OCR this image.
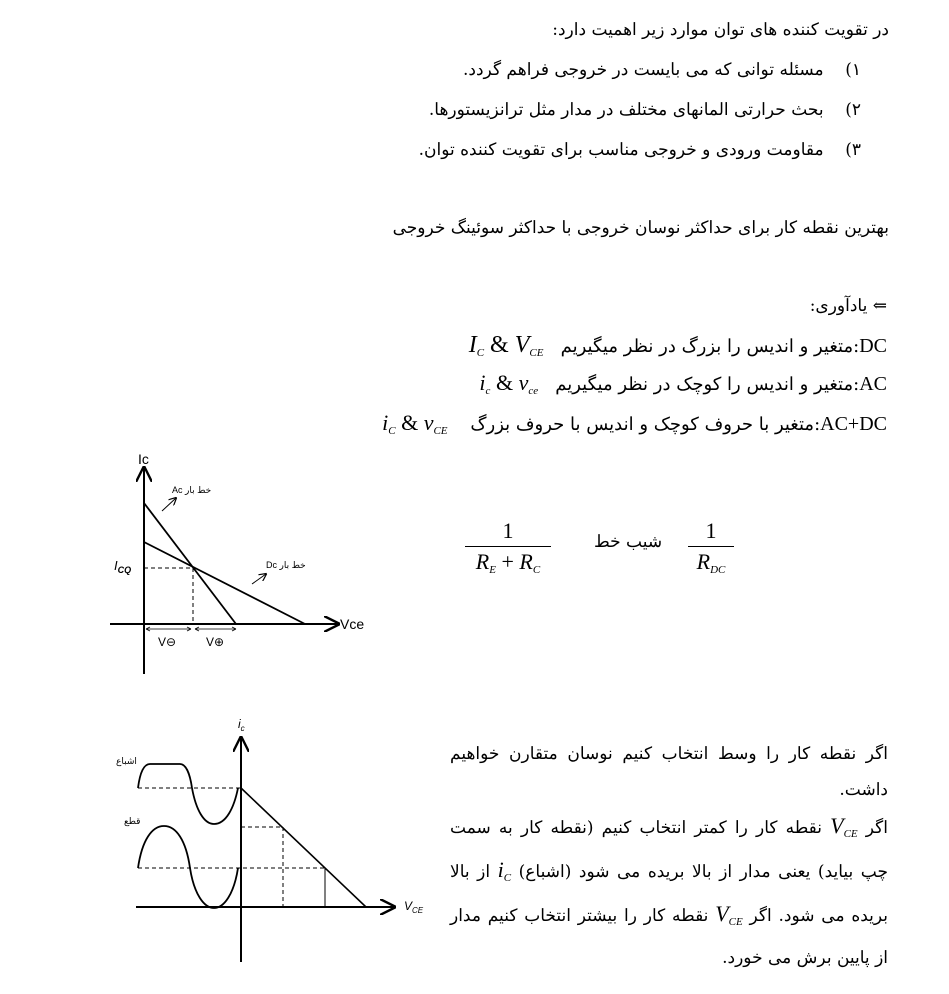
در تقویت کننده های توان موارد زیر اهمیت دارد:
۱)    مسئله توانی که می بایست در خروجی فراهم گردد.
۲)    بحث حرارتی المانهای مختلف در مدار مثل ترانزیستورها.
۳)    مقاومت ورودی و خروجی مناسب برای تقویت کننده توان.
بهترین نقطه کار برای حداکثر نوسان خروجی با حداکثر سوئینگ خروجی
⇐ یادآوری:
DC:متغیر و اندیس را بزرگ در نظر میگیریم   $I_C$ & $V_{CE}$
AC:متغیر و اندیس را کوچک در نظر میگیریم   $i_c$ & $v_{ce}$
AC+DC:متغیر با حروف کوچک و اندیس با حروف بزرگ    $i_C$ & $v_{CE}$
Ic
Vce
$I_{CQ}$
Ac خط بار
Dc خط بار
V⊖ V⊕
1
$R_E + R_C$
شیب خط	1
$R_{DC}$
$i_c$
$V_{CE}$
اشباع
قطع
اگر نقطه کار را وسط انتخاب کنیم نوسان متقارن خواهیم
داشت.
اگر $V_{CE}$ نقطه کار را کمتر انتخاب کنیم (نقطه کار به سمت
چپ بیاید) یعنی مدار از بالا بریده می شود (اشباع) $i_C$ از بالا
بریده می شود. اگر $V_{CE}$ نقطه کار را بیشتر انتخاب کنیم مدار
از پایین برش می خورد.
